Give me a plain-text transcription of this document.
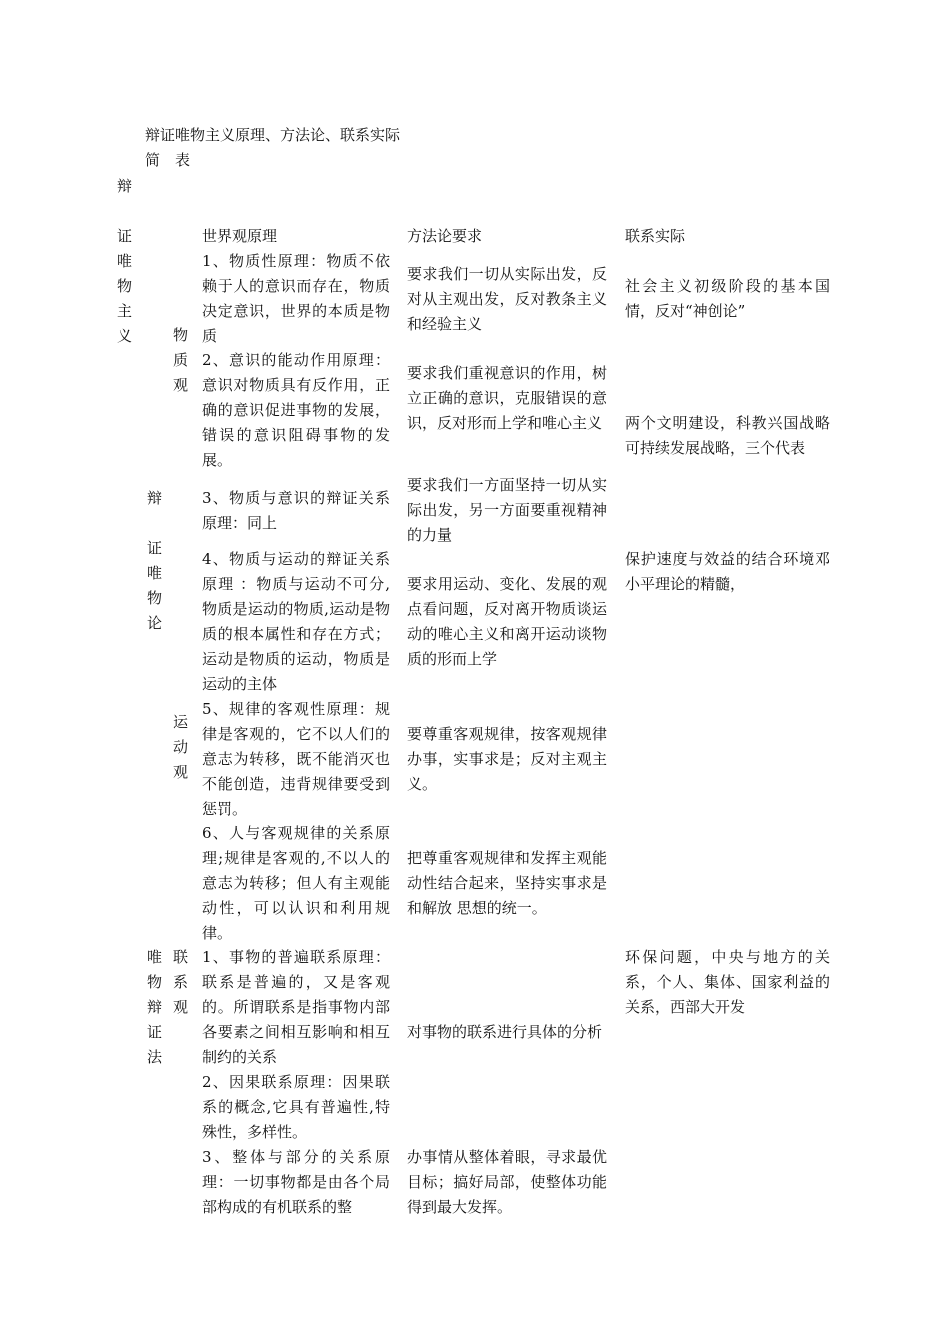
辩证唯物主义原理、方法论、联系实际
简　表
辩
证唯物主义
世界观原理	方法论要求	联系实际
物质观
辩
证唯物论
运动观
唯物辩证法
联系观
1、物质性原理：物质不依赖于人的意识而存在，物质决定意识，世界的本质是物质
2、意识的能动作用原理：意识对物质具有反作用，正确的意识促进事物的发展，错误的意识阻碍事物的发展。
3、物质与意识的辩证关系原理：同上
4、物质与运动的辩证关系原理 ：物质与运动不可分,物质是运动的物质,运动是物质的根本属性和存在方式；运动是物质的运动，物质是运动的主体
5、规律的客观性原理：规律是客观的，它不以人们的意志为转移，既不能消灭也不能创造，违背规律要受到惩罚。
6、人与客观规律的关系原理;规律是客观的,不以人的意志为转移；但人有主观能动性，可以认识和利用规律。
1、事物的普遍联系原理：联系是普遍的，又是客观的。所谓联系是指事物内部各要素之间相互影响和相互制约的关系
2、因果联系原理：因果联系的概念,它具有普遍性,特殊性，多样性。
3、整体与部分的关系原理：一切事物都是由各个局部构成的有机联系的整
要求我们一切从实际出发，反对从主观出发，反对教条主义和经验主义
要求我们重视意识的作用，树立正确的意识，克服错误的意识，反对形而上学和唯心主义
要求我们一方面坚持一切从实际出发，另一方面要重视精神的力量
要求用运动、变化、发展的观点看问题，反对离开物质谈运动的唯心主义和离开运动谈物质的形而上学
要尊重客观规律，按客观规律办事，实事求是；反对主观主义。
把尊重客观规律和发挥主观能动性结合起来，坚持实事求是和解放 思想的统一。
对事物的联系进行具体的分析
办事情从整体着眼，寻求最优目标；搞好局部，使整体功能得到最大发挥。
社会主义初级阶段的基本国情，反对“神创论”
两个文明建设，科教兴国战略可持续发展战略，三个代表
保护速度与效益的结合环境邓小平理论的精髓，
环保问题，中央与地方的关系，个人、集体、国家利益的关系，西部大开发
